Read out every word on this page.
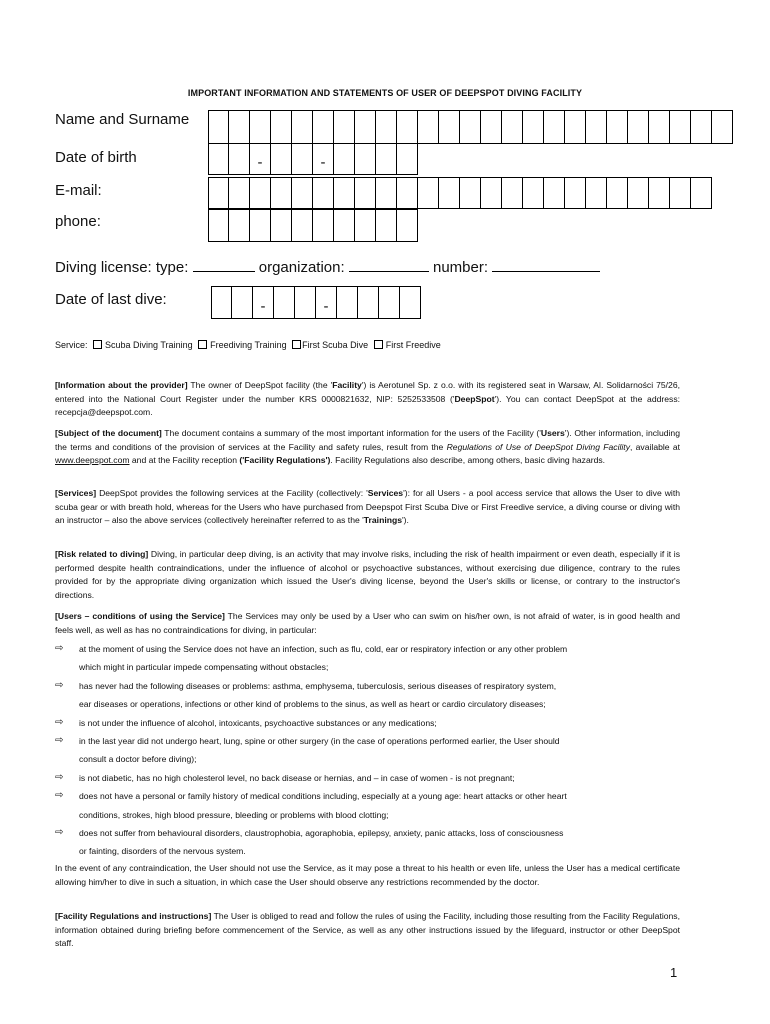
IMPORTANT INFORMATION AND STATEMENTS OF USER OF DEEPSPOT DIVING FACILITY
Name and Surname
Date of birth	-	-
E-mail:
phone:
Diving license: type:	organization:	number:
Date of last dive:	-	-
Service: Scuba Diving Training Freediving Training First Scuba Dive First Freedive

[Information about the provider] The owner of DeepSpot facility (the 'Facility') is Aerotunel Sp. z o.o. with its registered seat in Warsaw, Al. Solidarności 75/26, entered into the National Court Register under the number KRS 0000821632, NIP: 5252533508 ('DeepSpot'). You can contact DeepSpot at the address: recepcja@deepspot.com.

[Subject of the document] The document contains a summary of the most important information for the users of the Facility ('Users'). Other information, including the terms and conditions of the provision of services at the Facility and safety rules, result from the Regulations of Use of DeepSpot Diving Facility, available at www.deepspot.com and at the Facility reception ('Facility Regulations'). Facility Regulations also describe, among others, basic diving hazards.

[Services] DeepSpot provides the following services at the Facility (collectively: 'Services'): for all Users - a pool access service that allows the User to dive with scuba gear or with breath hold, whereas for the Users who have purchased from Deepspot First Scuba Dive or First Freedive service, a diving course or diving with an instructor – also the above services (collectively hereinafter referred to as the 'Trainings').

[Risk related to diving] Diving, in particular deep diving, is an activity that may involve risks, including the risk of health impairment or even death, especially if it is performed despite health contraindications, under the influence of alcohol or psychoactive substances, without exercising due diligence, contrary to the rules provided for by the appropriate diving organization which issued the User's diving license, beyond the User's skills or license, or contrary to the instructor's directions.

[Users – conditions of using the Service] The Services may only be used by a User who can swim on his/her own, is not afraid of water, is in good health and feels well, as well as has no contraindications for diving, in particular:

⇨ at the moment of using the Service does not have an infection, such as flu, cold, ear or respiratory infection or any other problem
which might in particular impede compensating without obstacles;
⇨ has never had the following diseases or problems: asthma, emphysema, tuberculosis, serious diseases of respiratory system,
ear diseases or operations, infections or other kind of problems to the sinus, as well as heart or cardio circulatory diseases;
⇨ is not under the influence of alcohol, intoxicants, psychoactive substances or any medications;
⇨ in the last year did not undergo heart, lung, spine or other surgery (in the case of operations performed earlier, the User should
consult a doctor before diving);
⇨ is not diabetic, has no high cholesterol level, no back disease or hernias, and – in case of women - is not pregnant;
⇨ does not have a personal or family history of medical conditions including, especially at a young age: heart attacks or other heart
conditions, strokes, high blood pressure, bleeding or problems with blood clotting;
⇨ does not suffer from behavioural disorders, claustrophobia, agoraphobia, epilepsy, anxiety, panic attacks, loss of consciousness
or fainting, disorders of the nervous system.

In the event of any contraindication, the User should not use the Service, as it may pose a threat to his health or even life, unless the User has a medical certificate allowing him/her to dive in such a situation, in which case the User should observe any restrictions recommended by the doctor.

[Facility Regulations and instructions] The User is obliged to read and follow the rules of using the Facility, including those resulting from the Facility Regulations, information obtained during briefing before commencement of the Service, as well as any other instructions issued by the lifeguard, instructor or other DeepSpot staff.

1
